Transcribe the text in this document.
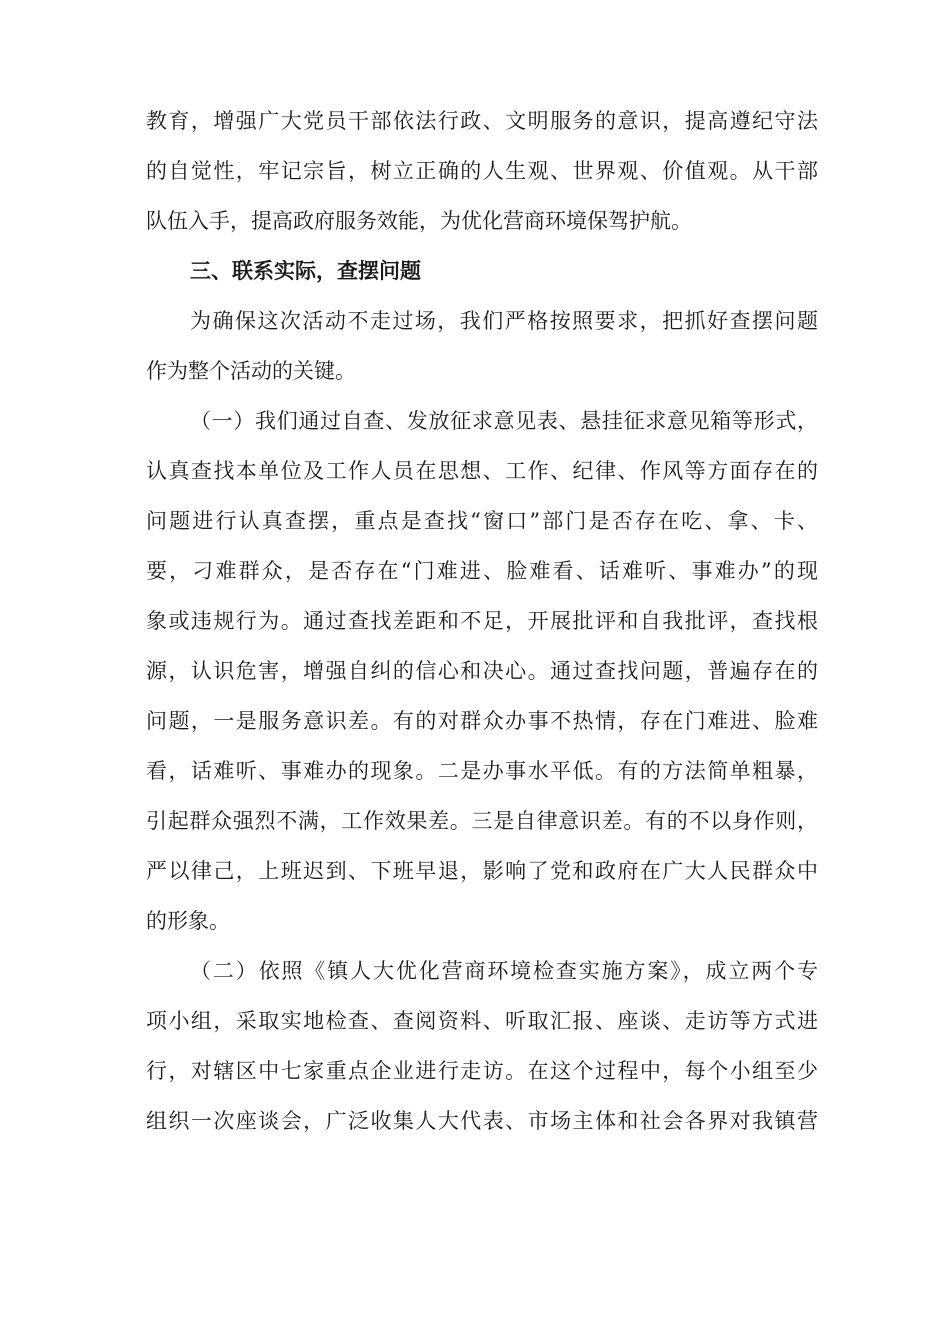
教育，增强广大党员干部依法行政、文明服务的意识，提高遵纪守法
的自觉性，牢记宗旨，树立正确的人生观、世界观、价值观。从干部
队伍入手，提高政府服务效能，为优化营商环境保驾护航。
三、联系实际，查摆问题
为确保这次活动不走过场，我们严格按照要求，把抓好查摆问题
作为整个活动的关键。
（一）我们通过自查、发放征求意见表、悬挂征求意见箱等形式，
认真查找本单位及工作人员在思想、工作、纪律、作风等方面存在的
问题进行认真查摆，重点是查找“窗口”部门是否存在吃、拿、卡、
要，刁难群众，是否存在“门难进、脸难看、话难听、事难办”的现
象或违规行为。通过查找差距和不足，开展批评和自我批评，查找根
源，认识危害，增强自纠的信心和决心。通过查找问题，普遍存在的
问题，一是服务意识差。有的对群众办事不热情，存在门难进、脸难
看，话难听、事难办的现象。二是办事水平低。有的方法简单粗暴，
引起群众强烈不满，工作效果差。三是自律意识差。有的不以身作则，
严以律己，上班迟到、下班早退，影响了党和政府在广大人民群众中
的形象。
（二）依照《镇人大优化营商环境检查实施方案》，成立两个专
项小组，采取实地检查、查阅资料、听取汇报、座谈、走访等方式进
行，对辖区中七家重点企业进行走访。在这个过程中，每个小组至少
组织一次座谈会，广泛收集人大代表、市场主体和社会各界对我镇营
